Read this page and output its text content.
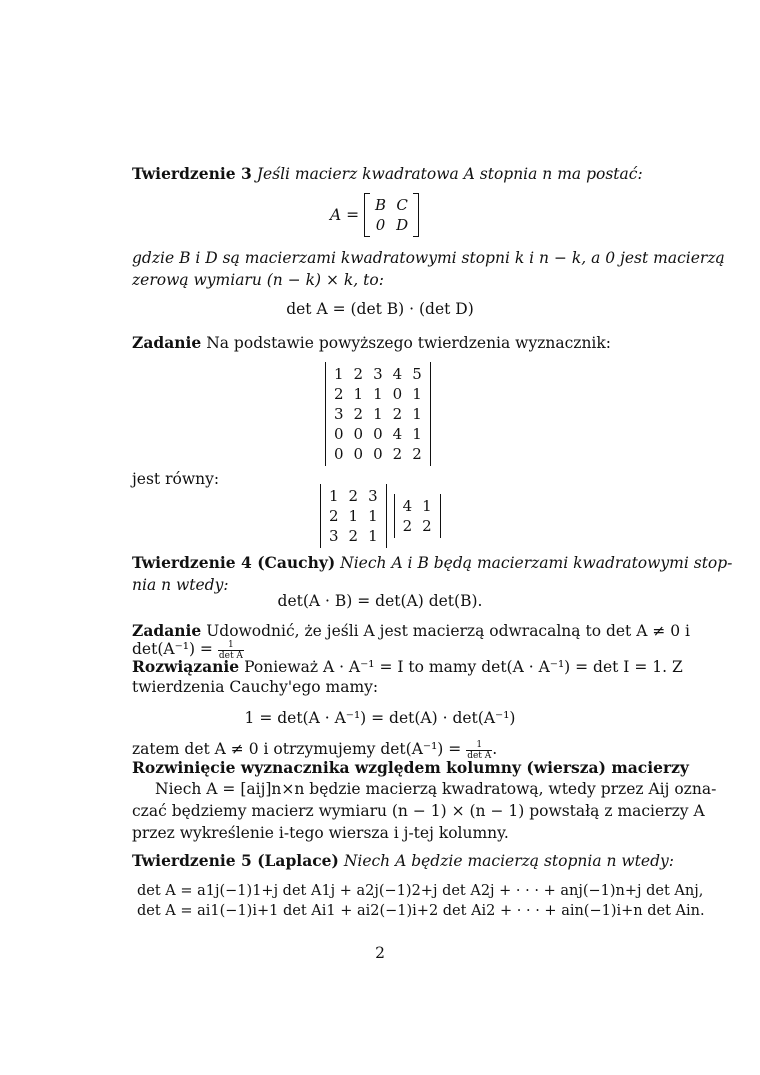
Twierdzenie 3 Jeśli macierz kwadratowa A stopnia n ma postać:
A =
B	C
0	D
gdzie B i D są macierzami kwadratowymi stopni k i n − k, a 0 jest macierzą
zerową wymiaru (n − k) × k, to:
det A = (det B) · (det D)
Zadanie Na podstawie powyższego twierdzenia wyznacznik:
1	2	3	4	5
2	1	1	0	1
3	2	1	2	1
0	0	0	4	1
0	0	0	2	2
jest równy:
1	2	3
2	1	1
3	2	1

4	1
2	2
Twierdzenie 4 (Cauchy) Niech A i B będą macierzami kwadratowymi stop-
nia n wtedy:
det(A · B) = det(A) det(B).
Zadanie Udowodnić, że jeśli A jest macierzą odwracalną to det A ≠ 0 i
$\det(A^{-1}) = \frac{1}{\text{det A}}$
Rozwiązanie Ponieważ A · A⁻¹ = I to mamy det(A · A⁻¹) = det I = 1. Z
twierdzenia Cauchy'ego mamy:
1 = det(A · A⁻¹) = det(A) · det(A⁻¹)
zatem det A ≠ 0 i otrzymujemy $\det(A^{-1}) = \frac{1}{\text{det A}}$ .
Rozwinięcie wyznacznika względem kolumny (wiersza) macierzy
Niech A = [aij]n×n będzie macierzą kwadratową, wtedy przez Aij ozna-
czać będziemy macierz wymiaru (n − 1) × (n − 1) powstałą z macierzy A
przez wykreślenie i-tego wiersza i j-tej kolumny.
Twierdzenie 5 (Laplace) Niech A będzie macierzą stopnia n wtedy:
det A = a1j(−1)1+j det A1j + a2j(−1)2+j det A2j + · · · + anj(−1)n+j det Anj,
det A = ai1(−1)i+1 det Ai1 + ai2(−1)i+2 det Ai2 + · · · + ain(−1)i+n det Ain.
2
